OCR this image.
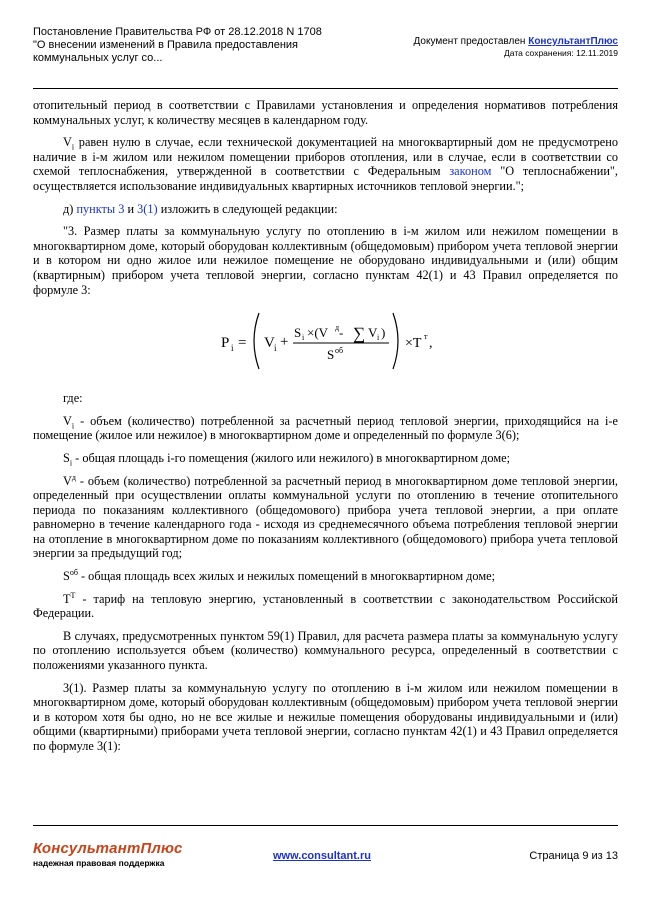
Постановление Правительства РФ от 28.12.2018 N 1708
"О внесении изменений в Правила предоставления
коммунальных услуг со...
Документ предоставлен КонсультантПлюс
Дата сохранения: 12.11.2019

отопительный период в соответствии с Правилами установления и определения нормативов потребления коммунальных услуг, к количеству месяцев в календарном году.

$V_i$ равен нулю в случае, если технической документацией на многоквартирный дом не предусмотрено наличие в i-м жилом или нежилом помещении приборов отопления, или в случае, если в соответствии со схемой теплоснабжения, утвержденной в соответствии с Федеральным законом "О теплоснабжении", осуществляется использование индивидуальных квартирных источников тепловой энергии.";

д) пункты 3 и 3(1) изложить в следующей редакции:

"3. Размер платы за коммунальную услугу по отоплению в i-м жилом или нежилом помещении в многоквартирном доме, который оборудован коллективным (общедомовым) прибором учета тепловой энергии и в котором ни одно жилое или нежилое помещение не оборудовано индивидуальными и (или) общим (квартирным) прибором учета тепловой энергии, согласно пунктам 42(1) и 43 Правил определяется по формуле 3:

P i = V i +
S i ×(V д - ∑ V i )
S об	×T т ,

где:

$V_i$ - объем (количество) потребленной за расчетный период тепловой энергии, приходящийся на i-е помещение (жилое или нежилое) в многоквартирном доме и определенный по формуле 3(6);

$S_i$ - общая площадь i-го помещения (жилого или нежилого) в многоквартирном доме;

$V^д$ - объем (количество) потребленной за расчетный период в многоквартирном доме тепловой энергии, определенный при осуществлении оплаты коммунальной услуги по отоплению в течение отопительного периода по показаниям коллективного (общедомового) прибора учета тепловой энергии, а при оплате равномерно в течение календарного года - исходя из среднемесячного объема потребления тепловой энергии на отопление в многоквартирном доме по показаниям коллективного (общедомового) прибора учета тепловой энергии за предыдущий год;

$S^{об}$ - общая площадь всех жилых и нежилых помещений в многоквартирном доме;

$T^T$ - тариф на тепловую энергию, установленный в соответствии с законодательством Российской Федерации.

В случаях, предусмотренных пунктом 59(1) Правил, для расчета размера платы за коммунальную услугу по отоплению используется объем (количество) коммунального ресурса, определенный в соответствии с положениями указанного пункта.

3(1). Размер платы за коммунальную услугу по отоплению в i-м жилом или нежилом помещении в многоквартирном доме, который оборудован коллективным (общедомовым) прибором учета тепловой энергии и в котором хотя бы одно, но не все жилые и нежилые помещения оборудованы индивидуальными и (или) общими (квартирными) приборами учета тепловой энергии, согласно пунктам 42(1) и 43 Правил определяется по формуле 3(1):

КонсультантПлюс
надежная правовая поддержка
www.consultant.ru	Страница 9 из 13
